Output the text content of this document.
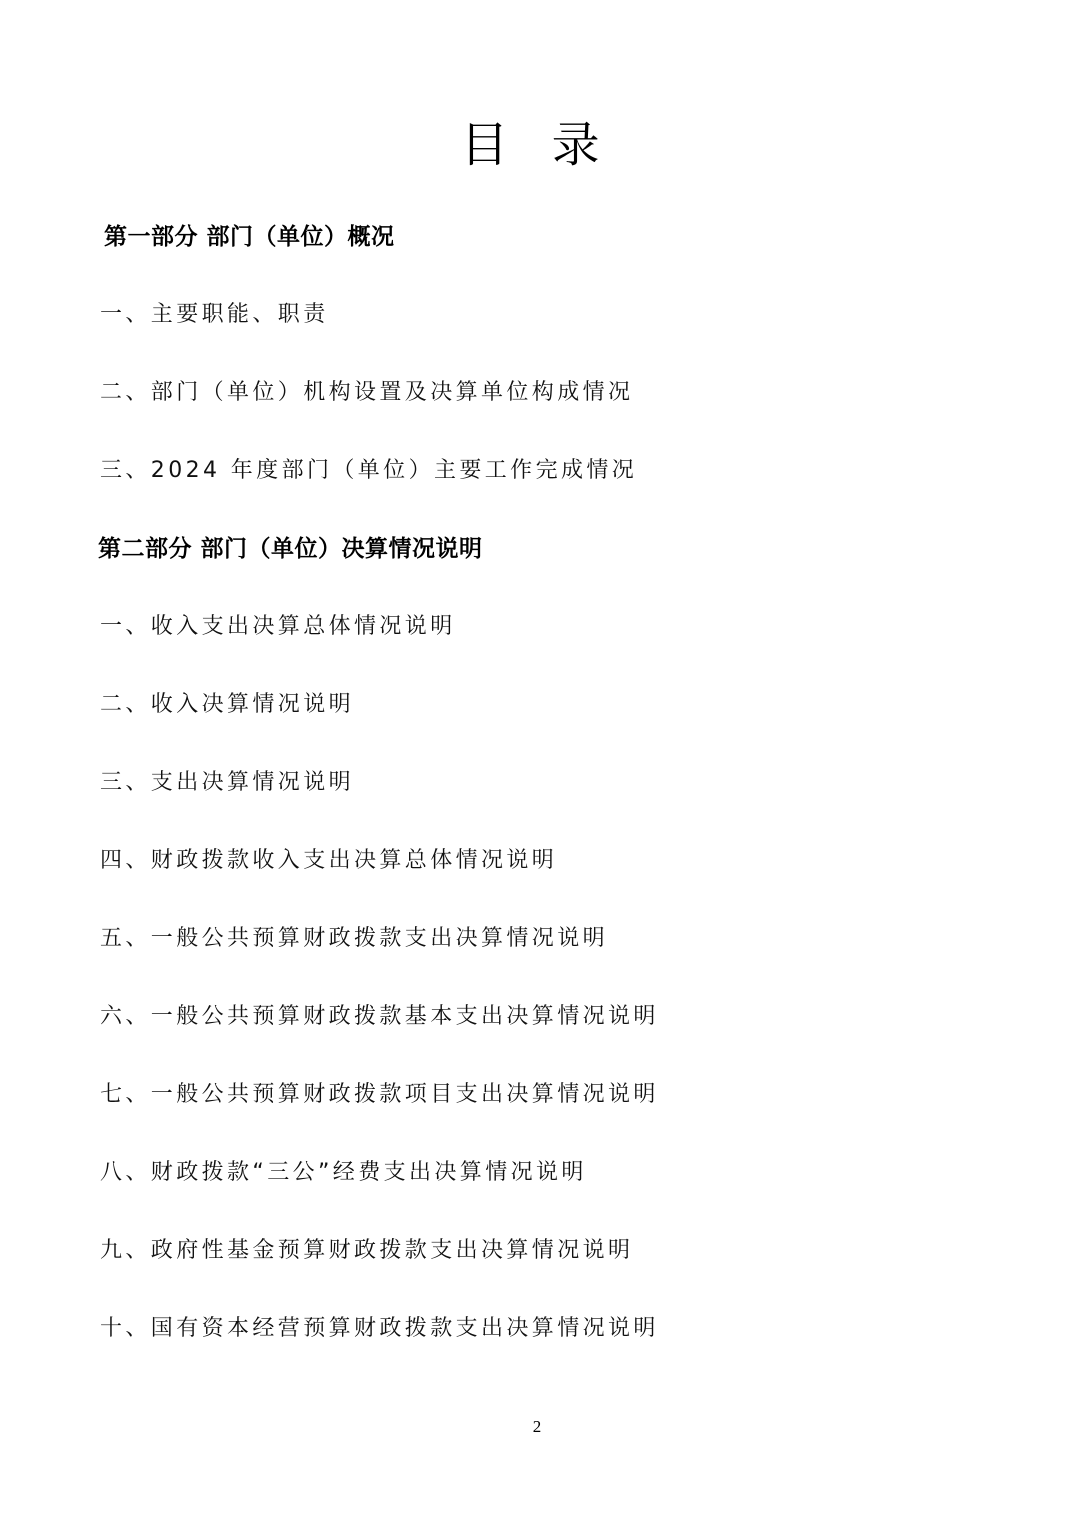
目 录
第一部分 部门（单位）概况
一、主要职能、职责
二、部门（单位）机构设置及决算单位构成情况
三、2024 年度部门（单位）主要工作完成情况
第二部分 部门（单位）决算情况说明
一、收入支出决算总体情况说明
二、收入决算情况说明
三、支出决算情况说明
四、财政拨款收入支出决算总体情况说明
五、一般公共预算财政拨款支出决算情况说明
六、一般公共预算财政拨款基本支出决算情况说明
七、一般公共预算财政拨款项目支出决算情况说明
八、财政拨款“三公”经费支出决算情况说明
九、政府性基金预算财政拨款支出决算情况说明
十、国有资本经营预算财政拨款支出决算情况说明
2
